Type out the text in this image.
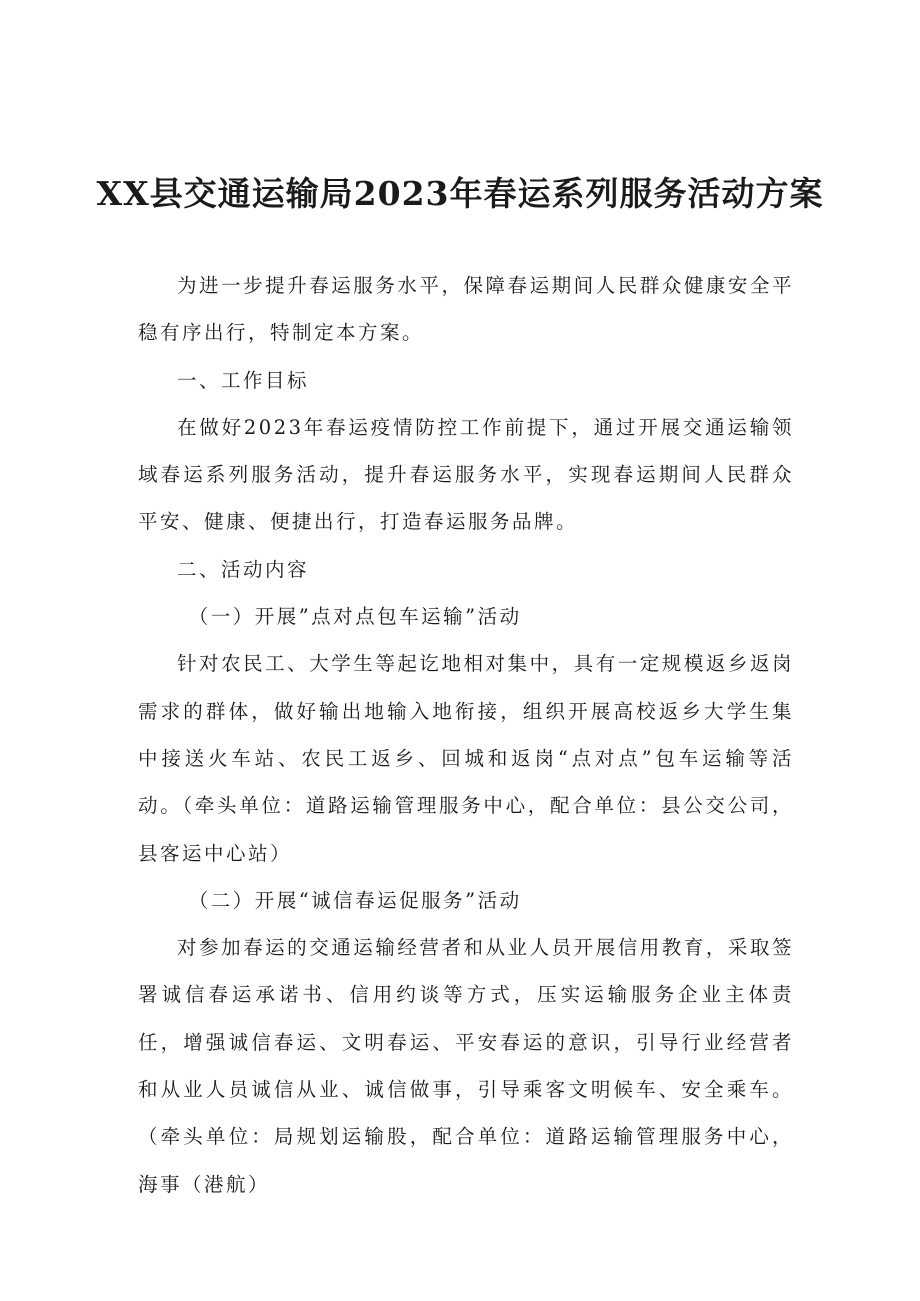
XX县交通运输局2023年春运系列服务活动方案

为进一步提升春运服务水平，保障春运期间人民群众健康安全平稳有序出行，特制定本方案。

一、工作目标

在做好2023年春运疫情防控工作前提下，通过开展交通运输领域春运系列服务活动，提升春运服务水平，实现春运期间人民群众平安、健康、便捷出行，打造春运服务品牌。

二、活动内容

（一）开展”点对点包车运输”活动

针对农民工、大学生等起讫地相对集中，具有一定规模返乡返岗需求的群体，做好输出地输入地衔接，组织开展高校返乡大学生集中接送火车站、农民工返乡、回城和返岗“点对点”包车运输等活动。（牵头单位：道路运输管理服务中心，配合单位：县公交公司，县客运中心站）

（二）开展“诚信春运促服务”活动

对参加春运的交通运输经营者和从业人员开展信用教育，采取签署诚信春运承诺书、信用约谈等方式，压实运输服务企业主体责任，增强诚信春运、文明春运、平安春运的意识，引导行业经营者和从业人员诚信从业、诚信做事，引导乘客文明候车、安全乘车。（牵头单位：局规划运输股，配合单位：道路运输管理服务中心，海事（港航）
